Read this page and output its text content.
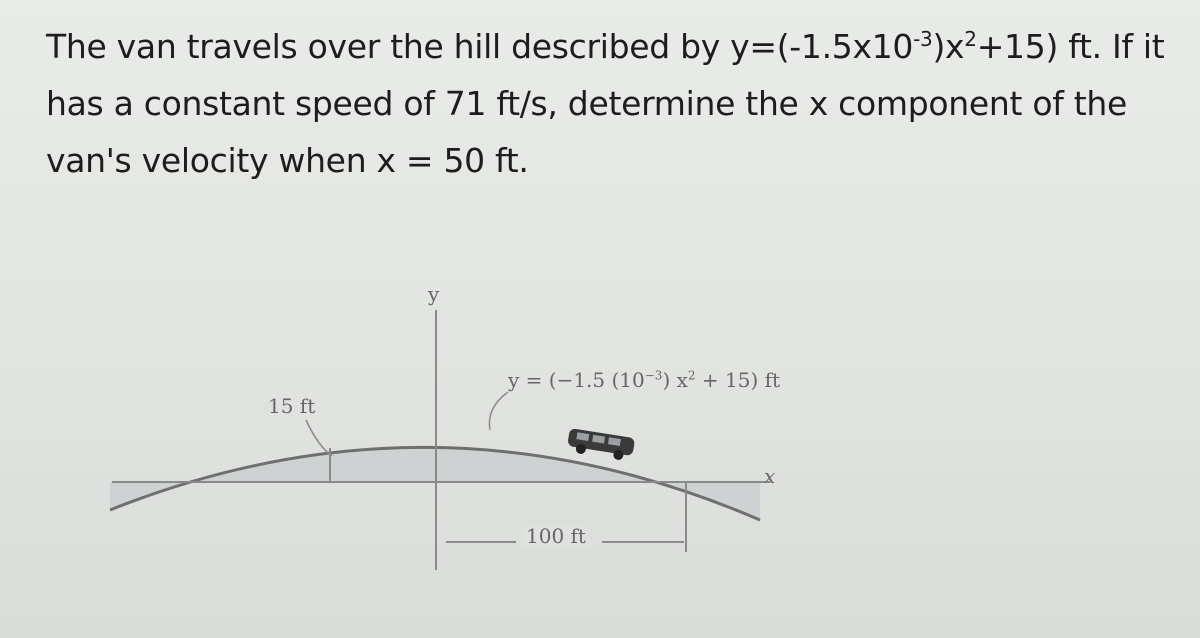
The van travels over the hill described by $y=(-1.5x10^{-3})x^2+15$) ft. If it has a constant speed of 71 ft/s, determine the x component of the van's velocity when x = 50 ft.
y
x
y = (−1.5 $(10^{-3}) x^2 + 15$) ft
15 ft
100 ft
